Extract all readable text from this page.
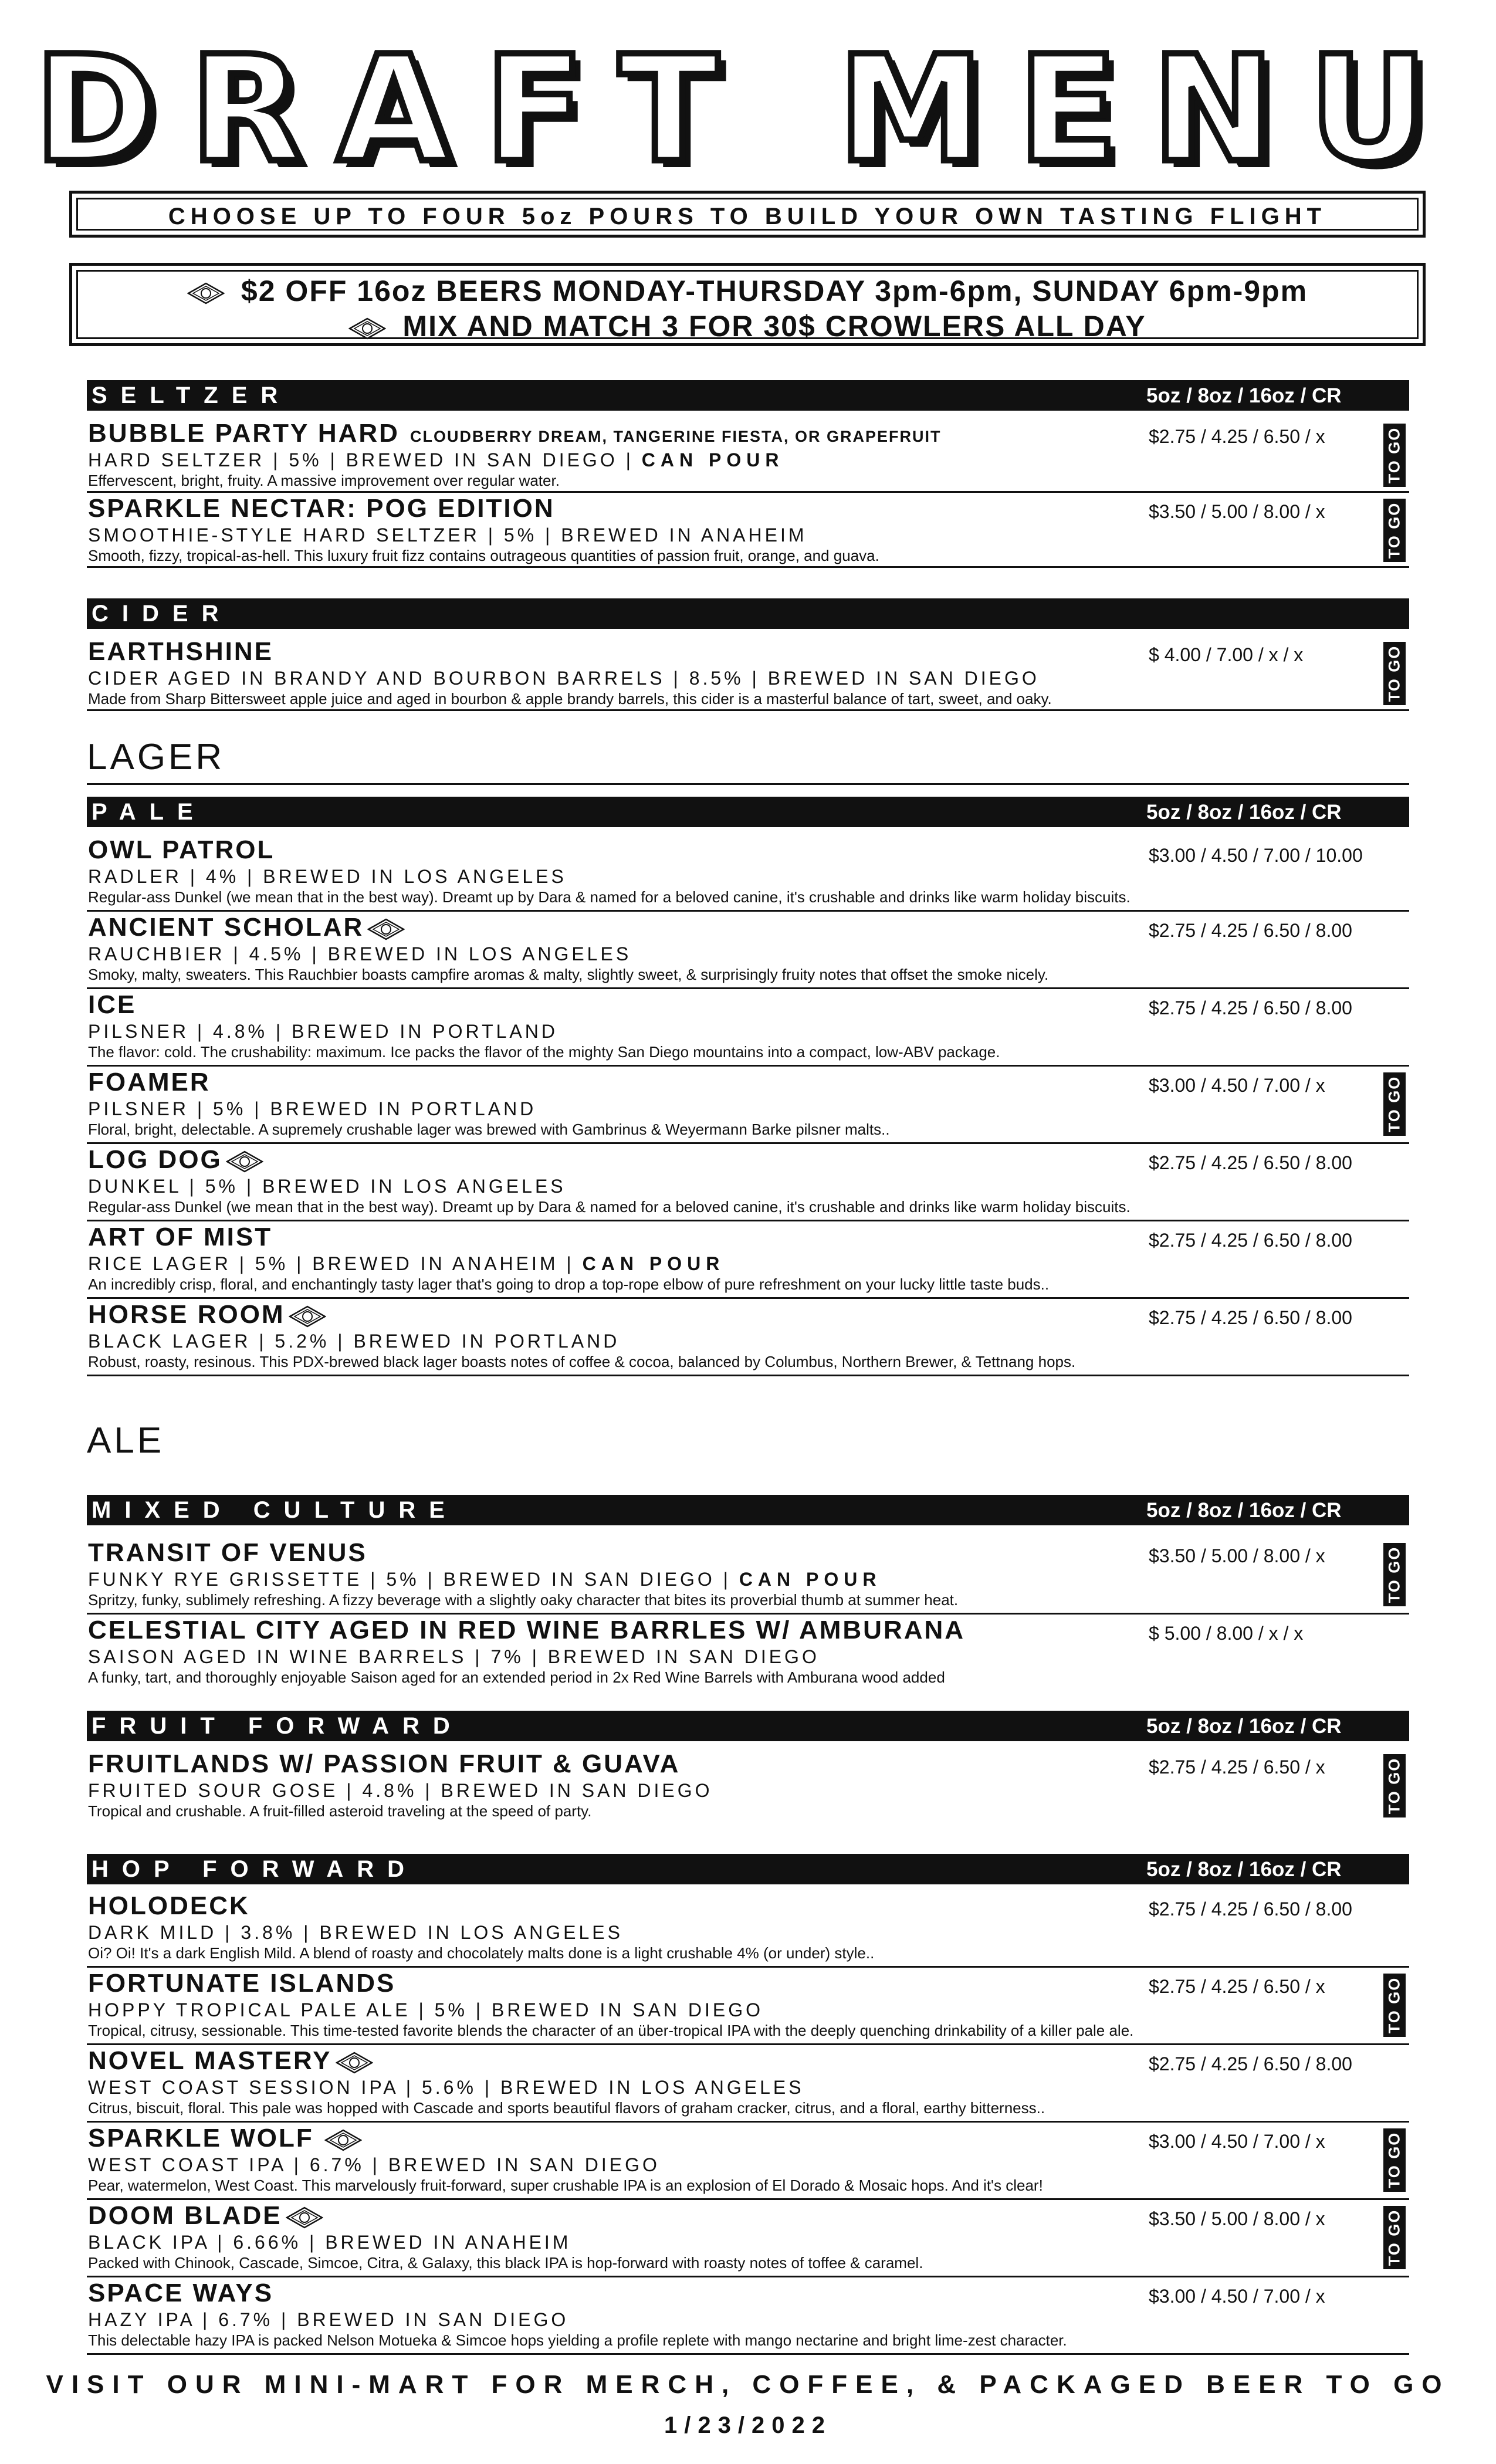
DRAFT MENU
CHOOSE UP TO FOUR 5oz POURS TO BUILD YOUR OWN TASTING FLIGHT
$2 OFF 16oz BEERS MONDAY-THURSDAY 3pm-6pm, SUNDAY 6pm-9pm
MIX AND MATCH 3 FOR 30$ CROWLERS ALL DAY
SELTZER	5oz / 8oz / 16oz / CR
BUBBLE PARTY HARD CLOUDBERRY DREAM, TANGERINE FIESTA, OR GRAPEFRUIT
HARD SELTZER | 5% | BREWED IN SAN DIEGO | CAN POUR
Effervescent, bright, fruity. A massive improvement over regular water.
$2.75 / 4.25 / 6.50 / x	TO GO
SPARKLE NECTAR: POG EDITION
SMOOTHIE-STYLE HARD SELTZER | 5% | BREWED IN ANAHEIM
Smooth, fizzy, tropical-as-hell. This luxury fruit fizz contains outrageous quantities of passion fruit, orange, and guava.
$3.50 / 5.00 / 8.00 / x	TO GO
CIDER
EARTHSHINE
CIDER AGED IN BRANDY AND BOURBON BARRELS | 8.5% | BREWED IN SAN DIEGO
Made from Sharp Bittersweet apple juice and aged in bourbon & apple brandy barrels, this cider is a masterful balance of tart, sweet, and oaky.
$ 4.00 / 7.00 / x / x	TO GO
LAGER
PALE	5oz / 8oz / 16oz / CR
OWL PATROL
RADLER | 4% | BREWED IN LOS ANGELES
Regular-ass Dunkel (we mean that in the best way). Dreamt up by Dara & named for a beloved canine, it's crushable and drinks like warm holiday biscuits.
$3.00 / 4.50 / 7.00 / 10.00
ANCIENT SCHOLAR
RAUCHBIER | 4.5% | BREWED IN LOS ANGELES
Smoky, malty, sweaters. This Rauchbier boasts campfire aromas & malty, slightly sweet, & surprisingly fruity notes that offset the smoke nicely.
$2.75 / 4.25 / 6.50 / 8.00
ICE
PILSNER | 4.8% | BREWED IN PORTLAND
The flavor: cold. The crushability: maximum. Ice packs the flavor of the mighty San Diego mountains into a compact, low-ABV package.
$2.75 / 4.25 / 6.50 / 8.00
FOAMER
PILSNER | 5% | BREWED IN PORTLAND
Floral, bright, delectable. A supremely crushable lager was brewed with Gambrinus & Weyermann Barke pilsner malts..
$3.00 / 4.50 / 7.00 / x	TO GO
LOG DOG
DUNKEL | 5% | BREWED IN LOS ANGELES
Regular-ass Dunkel (we mean that in the best way). Dreamt up by Dara & named for a beloved canine, it's crushable and drinks like warm holiday biscuits.
$2.75 / 4.25 / 6.50 / 8.00
ART OF MIST
RICE LAGER | 5% | BREWED IN ANAHEIM | CAN POUR
An incredibly crisp, floral, and enchantingly tasty lager that's going to drop a top-rope elbow of pure refreshment on your lucky little taste buds..
$2.75 / 4.25 / 6.50 / 8.00
HORSE ROOM
BLACK LAGER | 5.2% | BREWED IN PORTLAND
Robust, roasty, resinous. This PDX-brewed black lager boasts notes of coffee & cocoa, balanced by Columbus, Northern Brewer, & Tettnang hops.
$2.75 / 4.25 / 6.50 / 8.00
ALE
MIXED CULTURE	5oz / 8oz / 16oz / CR
TRANSIT OF VENUS
FUNKY RYE GRISSETTE | 5% | BREWED IN SAN DIEGO | CAN POUR
Spritzy, funky, sublimely refreshing. A fizzy beverage with a slightly oaky character that bites its proverbial thumb at summer heat.
$3.50 / 5.00 / 8.00 / x	TO GO
CELESTIAL CITY AGED IN RED WINE BARRLES W/ AMBURANA
SAISON AGED IN WINE BARRELS | 7% | BREWED IN SAN DIEGO
A funky, tart, and thoroughly enjoyable Saison aged for an extended period in 2x Red Wine Barrels with Amburana wood added
$ 5.00 / 8.00 / x / x
FRUIT FORWARD	5oz / 8oz / 16oz / CR
FRUITLANDS W/ PASSION FRUIT & GUAVA
FRUITED SOUR GOSE | 4.8% | BREWED IN SAN DIEGO
Tropical and crushable. A fruit-filled asteroid traveling at the speed of party.
$2.75 / 4.25 / 6.50 / x	TO GO
HOP FORWARD	5oz / 8oz / 16oz / CR
HOLODECK
DARK MILD | 3.8% | BREWED IN LOS ANGELES
Oi? Oi! It's a dark English Mild. A blend of roasty and chocolately malts done is a light crushable 4% (or under) style..
$2.75 / 4.25 / 6.50 / 8.00
FORTUNATE ISLANDS
HOPPY TROPICAL PALE ALE | 5% | BREWED IN SAN DIEGO
Tropical, citrusy, sessionable. This time-tested favorite blends the character of an über-tropical IPA with the deeply quenching drinkability of a killer pale ale.
$2.75 / 4.25 / 6.50 / x	TO GO
NOVEL MASTERY
WEST COAST SESSION IPA | 5.6% | BREWED IN LOS ANGELES
Citrus, biscuit, floral. This pale was hopped with Cascade and sports beautiful flavors of graham cracker, citrus, and a floral, earthy bitterness..
$2.75 / 4.25 / 6.50 / 8.00
SPARKLE WOLF
WEST COAST IPA | 6.7% | BREWED IN SAN DIEGO
Pear, watermelon, West Coast. This marvelously fruit-forward, super crushable IPA is an explosion of El Dorado & Mosaic hops. And it's clear!
$3.00 / 4.50 / 7.00 / x	TO GO
DOOM BLADE
BLACK IPA | 6.66% | BREWED IN ANAHEIM
Packed with Chinook, Cascade, Simcoe, Citra, & Galaxy, this black IPA is hop-forward with roasty notes of toffee & caramel.
$3.50 / 5.00 / 8.00 / x	TO GO
SPACE WAYS
HAZY IPA | 6.7% | BREWED IN SAN DIEGO
This delectable hazy IPA is packed Nelson Motueka & Simcoe hops yielding a profile replete with mango nectarine and bright lime-zest character.
$3.00 / 4.50 / 7.00 / x
VISIT OUR MINI-MART FOR MERCH, COFFEE, & PACKAGED BEER TO GO
1/23/2022
